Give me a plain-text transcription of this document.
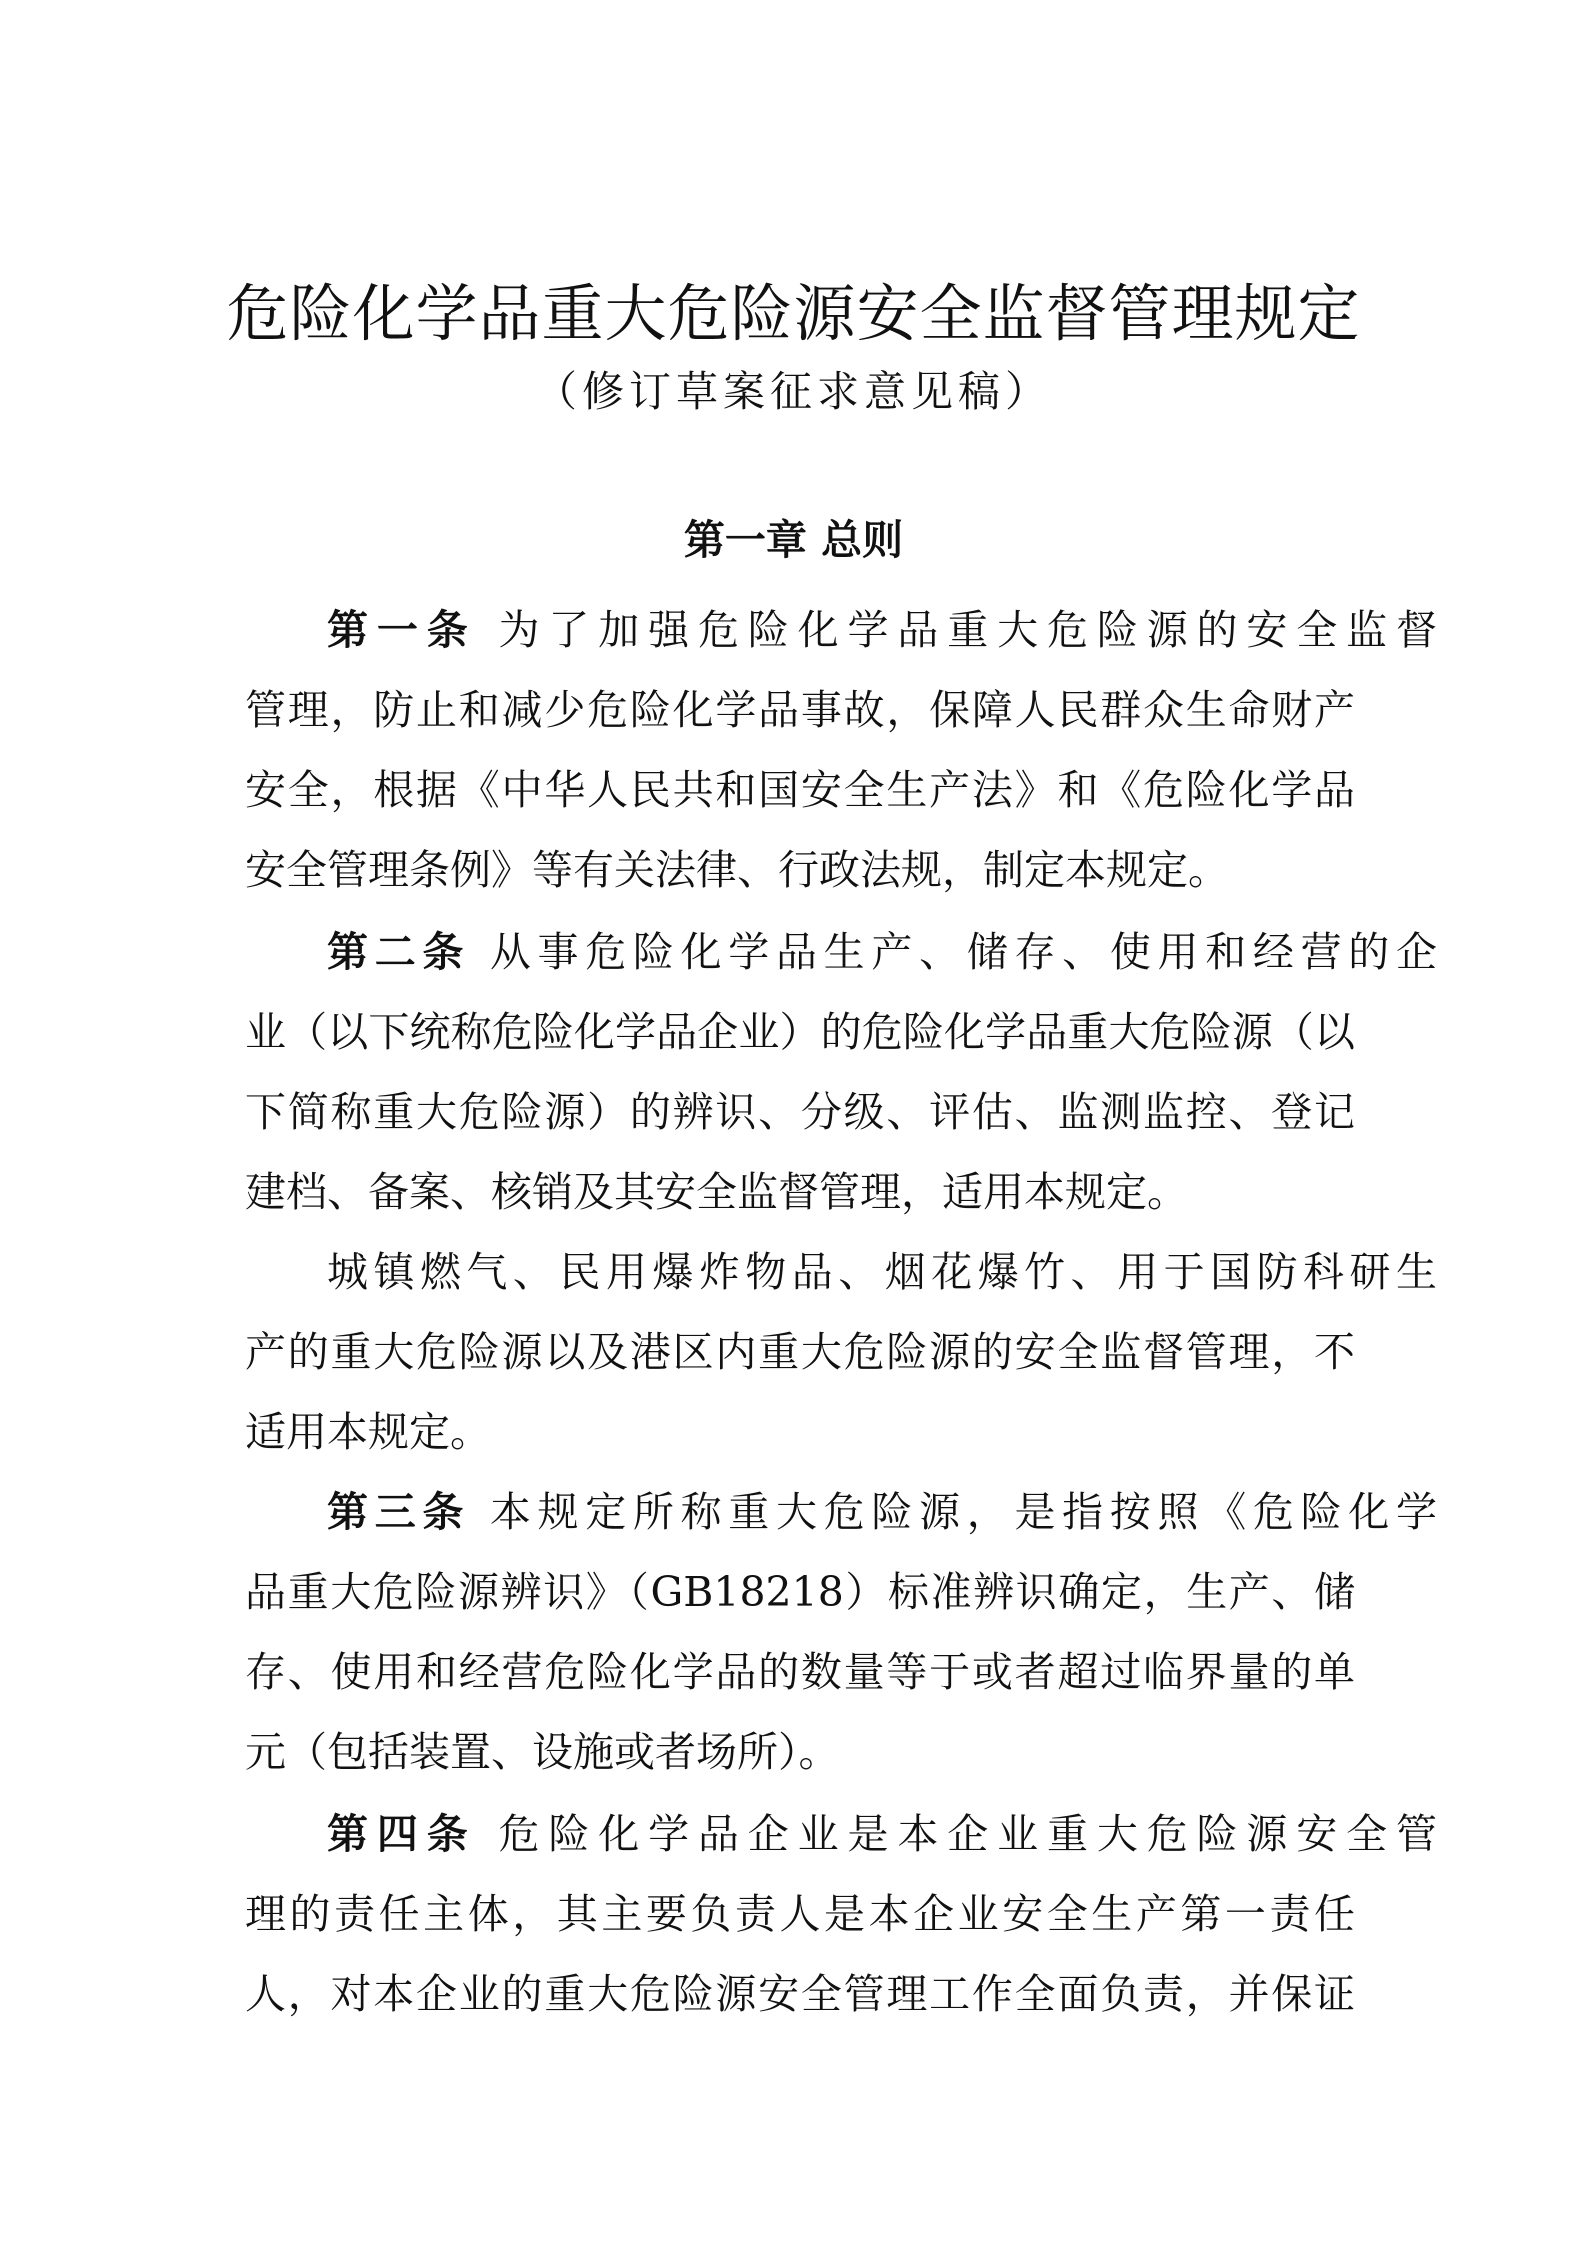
危险化学品重大危险源安全监督管理规定
（修订草案征求意见稿）
第一章 总则
第一条 为了加强危险化学品重大危险源的安全监督
管理，防止和减少危险化学品事故，保障人民群众生命财产
安全，根据《中华人民共和国安全生产法》和《危险化学品
安全管理条例》等有关法律、行政法规，制定本规定。
第二条 从事危险化学品生产、储存、使用和经营的企
业（以下统称危险化学品企业）的危险化学品重大危险源（以
下简称重大危险源）的辨识、分级、评估、监测监控、登记
建档、备案、核销及其安全监督管理，适用本规定。
城镇燃气、民用爆炸物品、烟花爆竹、用于国防科研生
产的重大危险源以及港区内重大危险源的安全监督管理，不
适用本规定。
第三条 本规定所称重大危险源，是指按照《危险化学
品重大危险源辨识》（GB18218）标准辨识确定，生产、储
存、使用和经营危险化学品的数量等于或者超过临界量的单
元（包括装置、设施或者场所）。
第四条 危险化学品企业是本企业重大危险源安全管
理的责任主体，其主要负责人是本企业安全生产第一责任
人，对本企业的重大危险源安全管理工作全面负责，并保证
